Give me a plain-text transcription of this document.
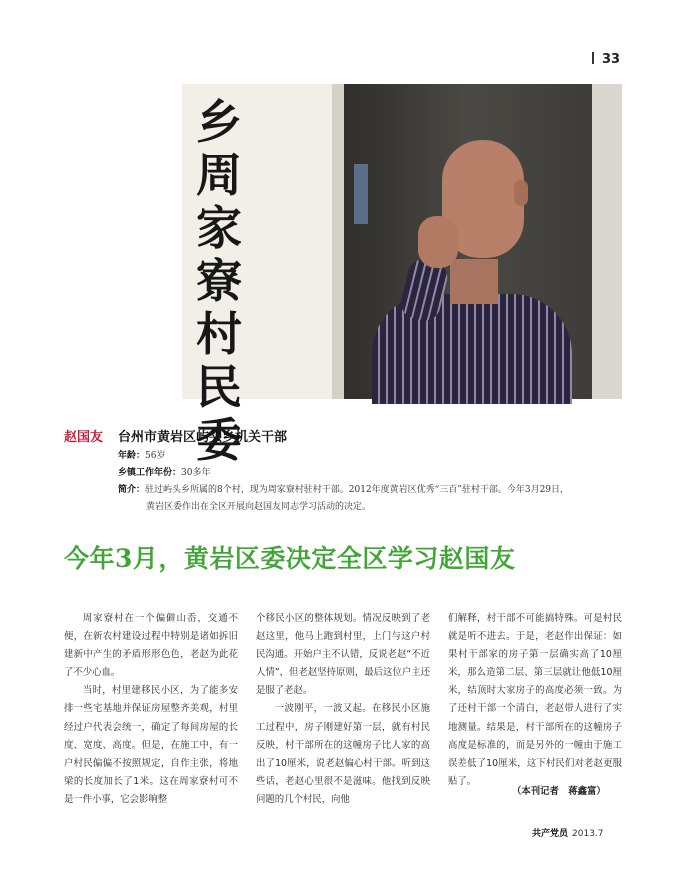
33
乡
周
家
寮
村
民
委
赵国友 台州市黄岩区屿头乡机关干部
年龄：56岁
乡镇工作年份：30多年
简介：驻过屿头乡所属的8个村，现为周家寮村驻村干部。2012年度黄岩区优秀“三百”驻村干部。今年3月29日，
黄岩区委作出在全区开展向赵国友同志学习活动的决定。
今年3月，黄岩区委决定全区学习赵国友

周家寮村在一个偏僻山岙，交通不便，在新农村建设过程中特别是诸如拆旧建新中产生的矛盾形形色色，老赵为此花了不少心血。

当时，村里建移民小区，为了能多安排一些宅基地并保证房屋整齐美观，村里经过户代表会统一，确定了每间房屋的长度、宽度、高度。但是，在施工中，有一户村民偏偏不按照规定，自作主张，将地梁的长度加长了1米。这在周家寮村可不是一件小事，它会影响整

个移民小区的整体规划。情况反映到了老赵这里，他马上跑到村里，上门与这户村民沟通。开始户主不认错，反说老赵“不近人情”，但老赵坚持原则，最后这位户主还是服了老赵。

一波刚平，一波又起。在移民小区施工过程中，房子刚建好第一层，就有村民反映，村干部所在的这幢房子比人家的高出了10厘米，说老赵偏心村干部。听到这些话，老赵心里很不是滋味。他找到反映问题的几个村民，向他

们解释，村干部不可能搞特殊。可是村民就是听不进去。于是，老赵作出保证：如果村干部家的房子第一层确实高了10厘米，那么造第二层、第三层就让他低10厘米，结顶时大家房子的高度必须一致。为了还村干部一个清白，老赵带人进行了实地测量。结果是，村干部所在的这幢房子高度是标准的，而是另外的一幢由于施工误差低了10厘米，这下村民们对老赵更服贴了。

（本刊记者　蒋鑫富）
共产党员 2013.7
